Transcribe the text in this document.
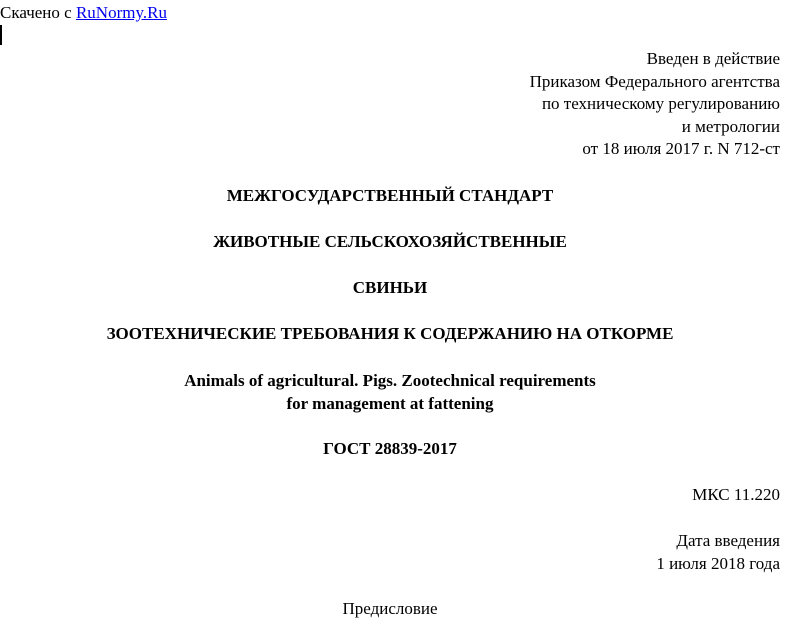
Скачено с RuNormy.Ru
Введен в действие
Приказом Федерального агентства
по техническому регулированию
и метрологии
от 18 июля 2017 г. N 712-ст
МЕЖГОСУДАРСТВЕННЫЙ СТАНДАРТ
ЖИВОТНЫЕ СЕЛЬСКОХОЗЯЙСТВЕННЫЕ
СВИНЬИ
ЗООТЕХНИЧЕСКИЕ ТРЕБОВАНИЯ К СОДЕРЖАНИЮ НА ОТКОРМЕ
Animals of agricultural. Pigs. Zootechnical requirements
for management at fattening
ГОСТ 28839-2017
МКС 11.220
Дата введения
1 июля 2018 года
Предисловие
